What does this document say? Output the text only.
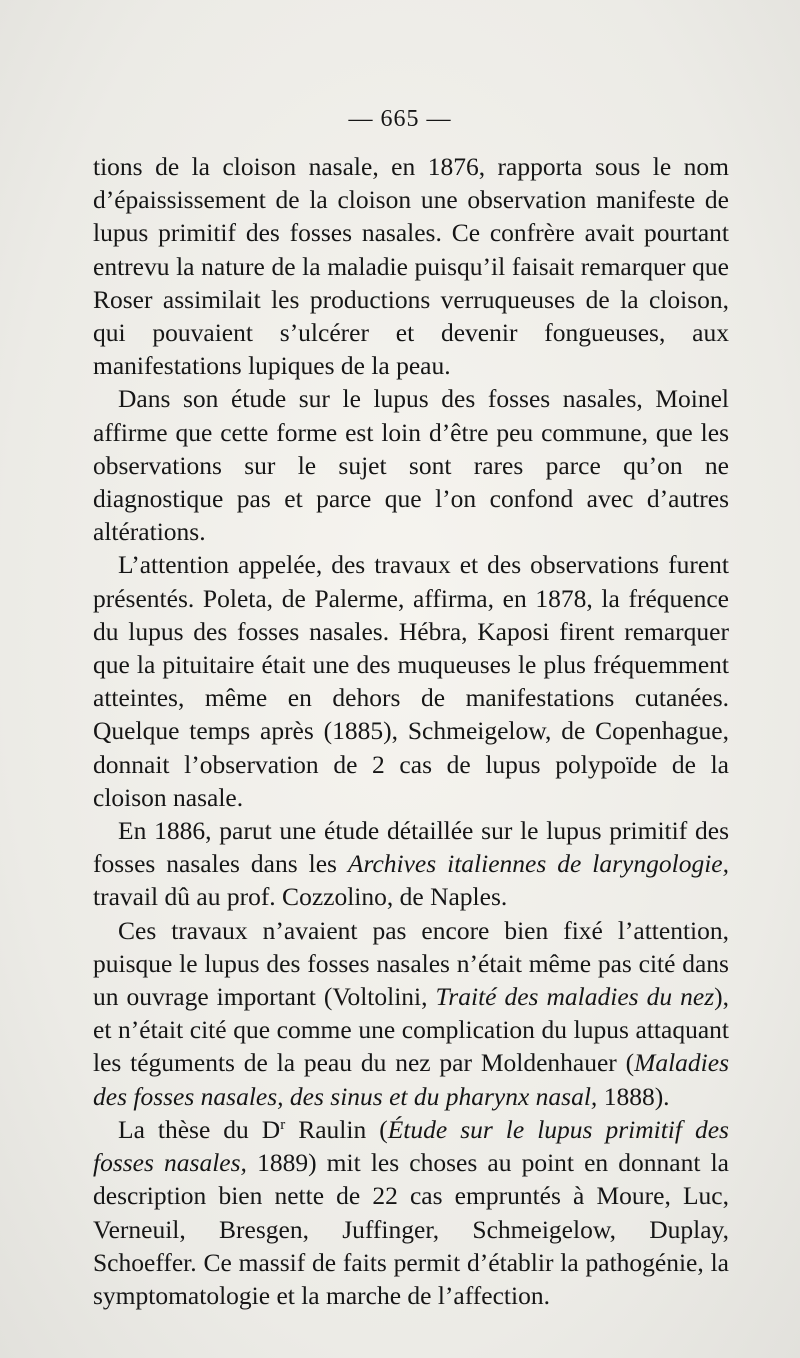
— 665 —

tions de la cloison nasale, en 1876, rapporta sous le nom d’épaississement de la cloison une observation manifeste de lupus primitif des fosses nasales. Ce confrère avait pourtant entrevu la nature de la maladie puisqu’il faisait remarquer que Roser assimilait les productions verruqueuses de la cloison, qui pouvaient s’ulcérer et devenir fongueuses, aux manifestations lupiques de la peau.

Dans son étude sur le lupus des fosses nasales, Moinel affirme que cette forme est loin d’être peu commune, que les observations sur le sujet sont rares parce qu’on ne diagnostique pas et parce que l’on confond avec d’autres altérations.

L’attention appelée, des travaux et des observations furent présentés. Poleta, de Palerme, affirma, en 1878, la fréquence du lupus des fosses nasales. Hébra, Kaposi firent remarquer que la pituitaire était une des muqueuses le plus fréquemment atteintes, même en dehors de manifestations cutanées. Quelque temps après (1885), Schmeigelow, de Copenhague, donnait l’observation de 2 cas de lupus polypoïde de la cloison nasale.

En 1886, parut une étude détaillée sur le lupus primitif des fosses nasales dans les Archives italiennes de laryngologie, travail dû au prof. Cozzolino, de Naples.

Ces travaux n’avaient pas encore bien fixé l’attention, puisque le lupus des fosses nasales n’était même pas cité dans un ouvrage important (Voltolini, Traité des maladies du nez), et n’était cité que comme une complication du lupus attaquant les téguments de la peau du nez par Moldenhauer (Maladies des fosses nasales, des sinus et du pharynx nasal, 1888).

La thèse du $D^r$ Raulin (Étude sur le lupus primitif des fosses nasales, 1889) mit les choses au point en donnant la description bien nette de 22 cas empruntés à Moure, Luc, Verneuil, Bresgen, Juffinger, Schmeigelow, Duplay, Schoeffer. Ce massif de faits permit d’établir la pathogénie, la symptomatologie et la marche de l’affection.
